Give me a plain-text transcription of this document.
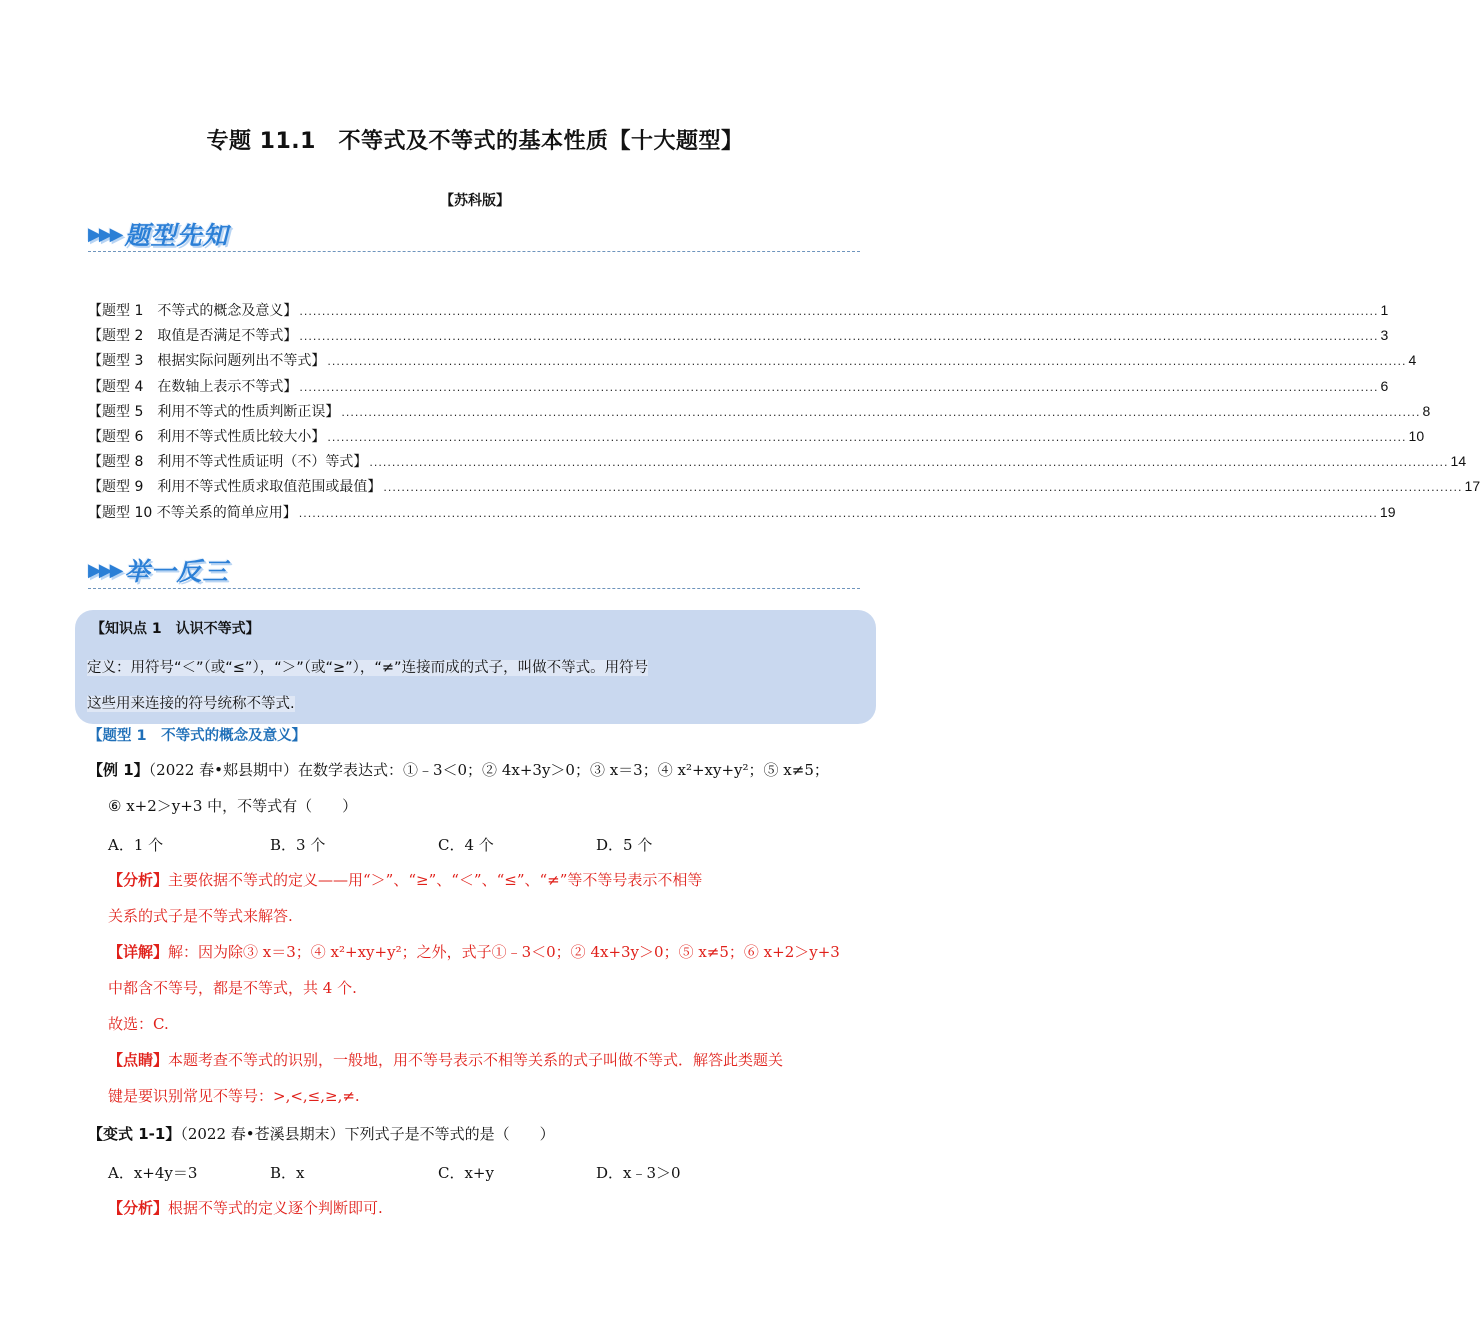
专题 11.1　不等式及不等式的基本性质【十大题型】
【苏科版】
▶▶▶ 题型先知
【题型 1　不等式的概念及意义】 ................................................................................................................................................................................................................................................ 1
【题型 2　取值是否满足不等式】 ................................................................................................................................................................................................................................................ 3
【题型 3　根据实际问题列出不等式】 ................................................................................................................................................................................................................................................ 4
【题型 4　在数轴上表示不等式】 ................................................................................................................................................................................................................................................ 6
【题型 5　利用不等式的性质判断正误】 ................................................................................................................................................................................................................................................ 8
【题型 6　利用不等式性质比较大小】 ................................................................................................................................................................................................................................................ 10
【题型 8　利用不等式性质证明（不）等式】 ................................................................................................................................................................................................................................................ 14
【题型 9　利用不等式性质求取值范围或最值】 ................................................................................................................................................................................................................................................ 17
【题型 10 不等关系的简单应用】 ................................................................................................................................................................................................................................................ 19
▶▶▶ 举一反三
【知识点 1　认识不等式】
定义：用符号“＜”（或“≤”），“＞”（或“≥”），“≠”连接而成的式子，叫做不等式。用符号
这些用来连接的符号统称不等式.
【题型 1　不等式的概念及意义】
【例 1】（2022 春•郏县期中）在数学表达式：①﹣3＜0；② 4x+3y＞0；③ x＝3；④ x²+xy+y²；⑤ x≠5；
⑥ x+2＞y+3 中，不等式有（　　）
A．1 个	B．3 个	C．4 个	D．5 个
【分析】主要依据不等式的定义——用“＞”、“≥”、“＜”、“≤”、“≠”等不等号表示不相等
关系的式子是不等式来解答.
【详解】解：因为除③ x＝3；④ x²+xy+y²；之外，式子①﹣3＜0；② 4x+3y＞0；⑤ x≠5；⑥ x+2＞y+3
中都含不等号，都是不等式，共 4 个.
故选：C.
【点睛】本题考查不等式的识别，一般地，用不等号表示不相等关系的式子叫做不等式．解答此类题关
键是要识别常见不等号：>,<,≤,≥,≠.
【变式 1-1】（2022 春•苍溪县期末）下列式子是不等式的是（　　）
A．x+4y＝3	B．x	C．x+y	D．x﹣3＞0
【分析】根据不等式的定义逐个判断即可.
